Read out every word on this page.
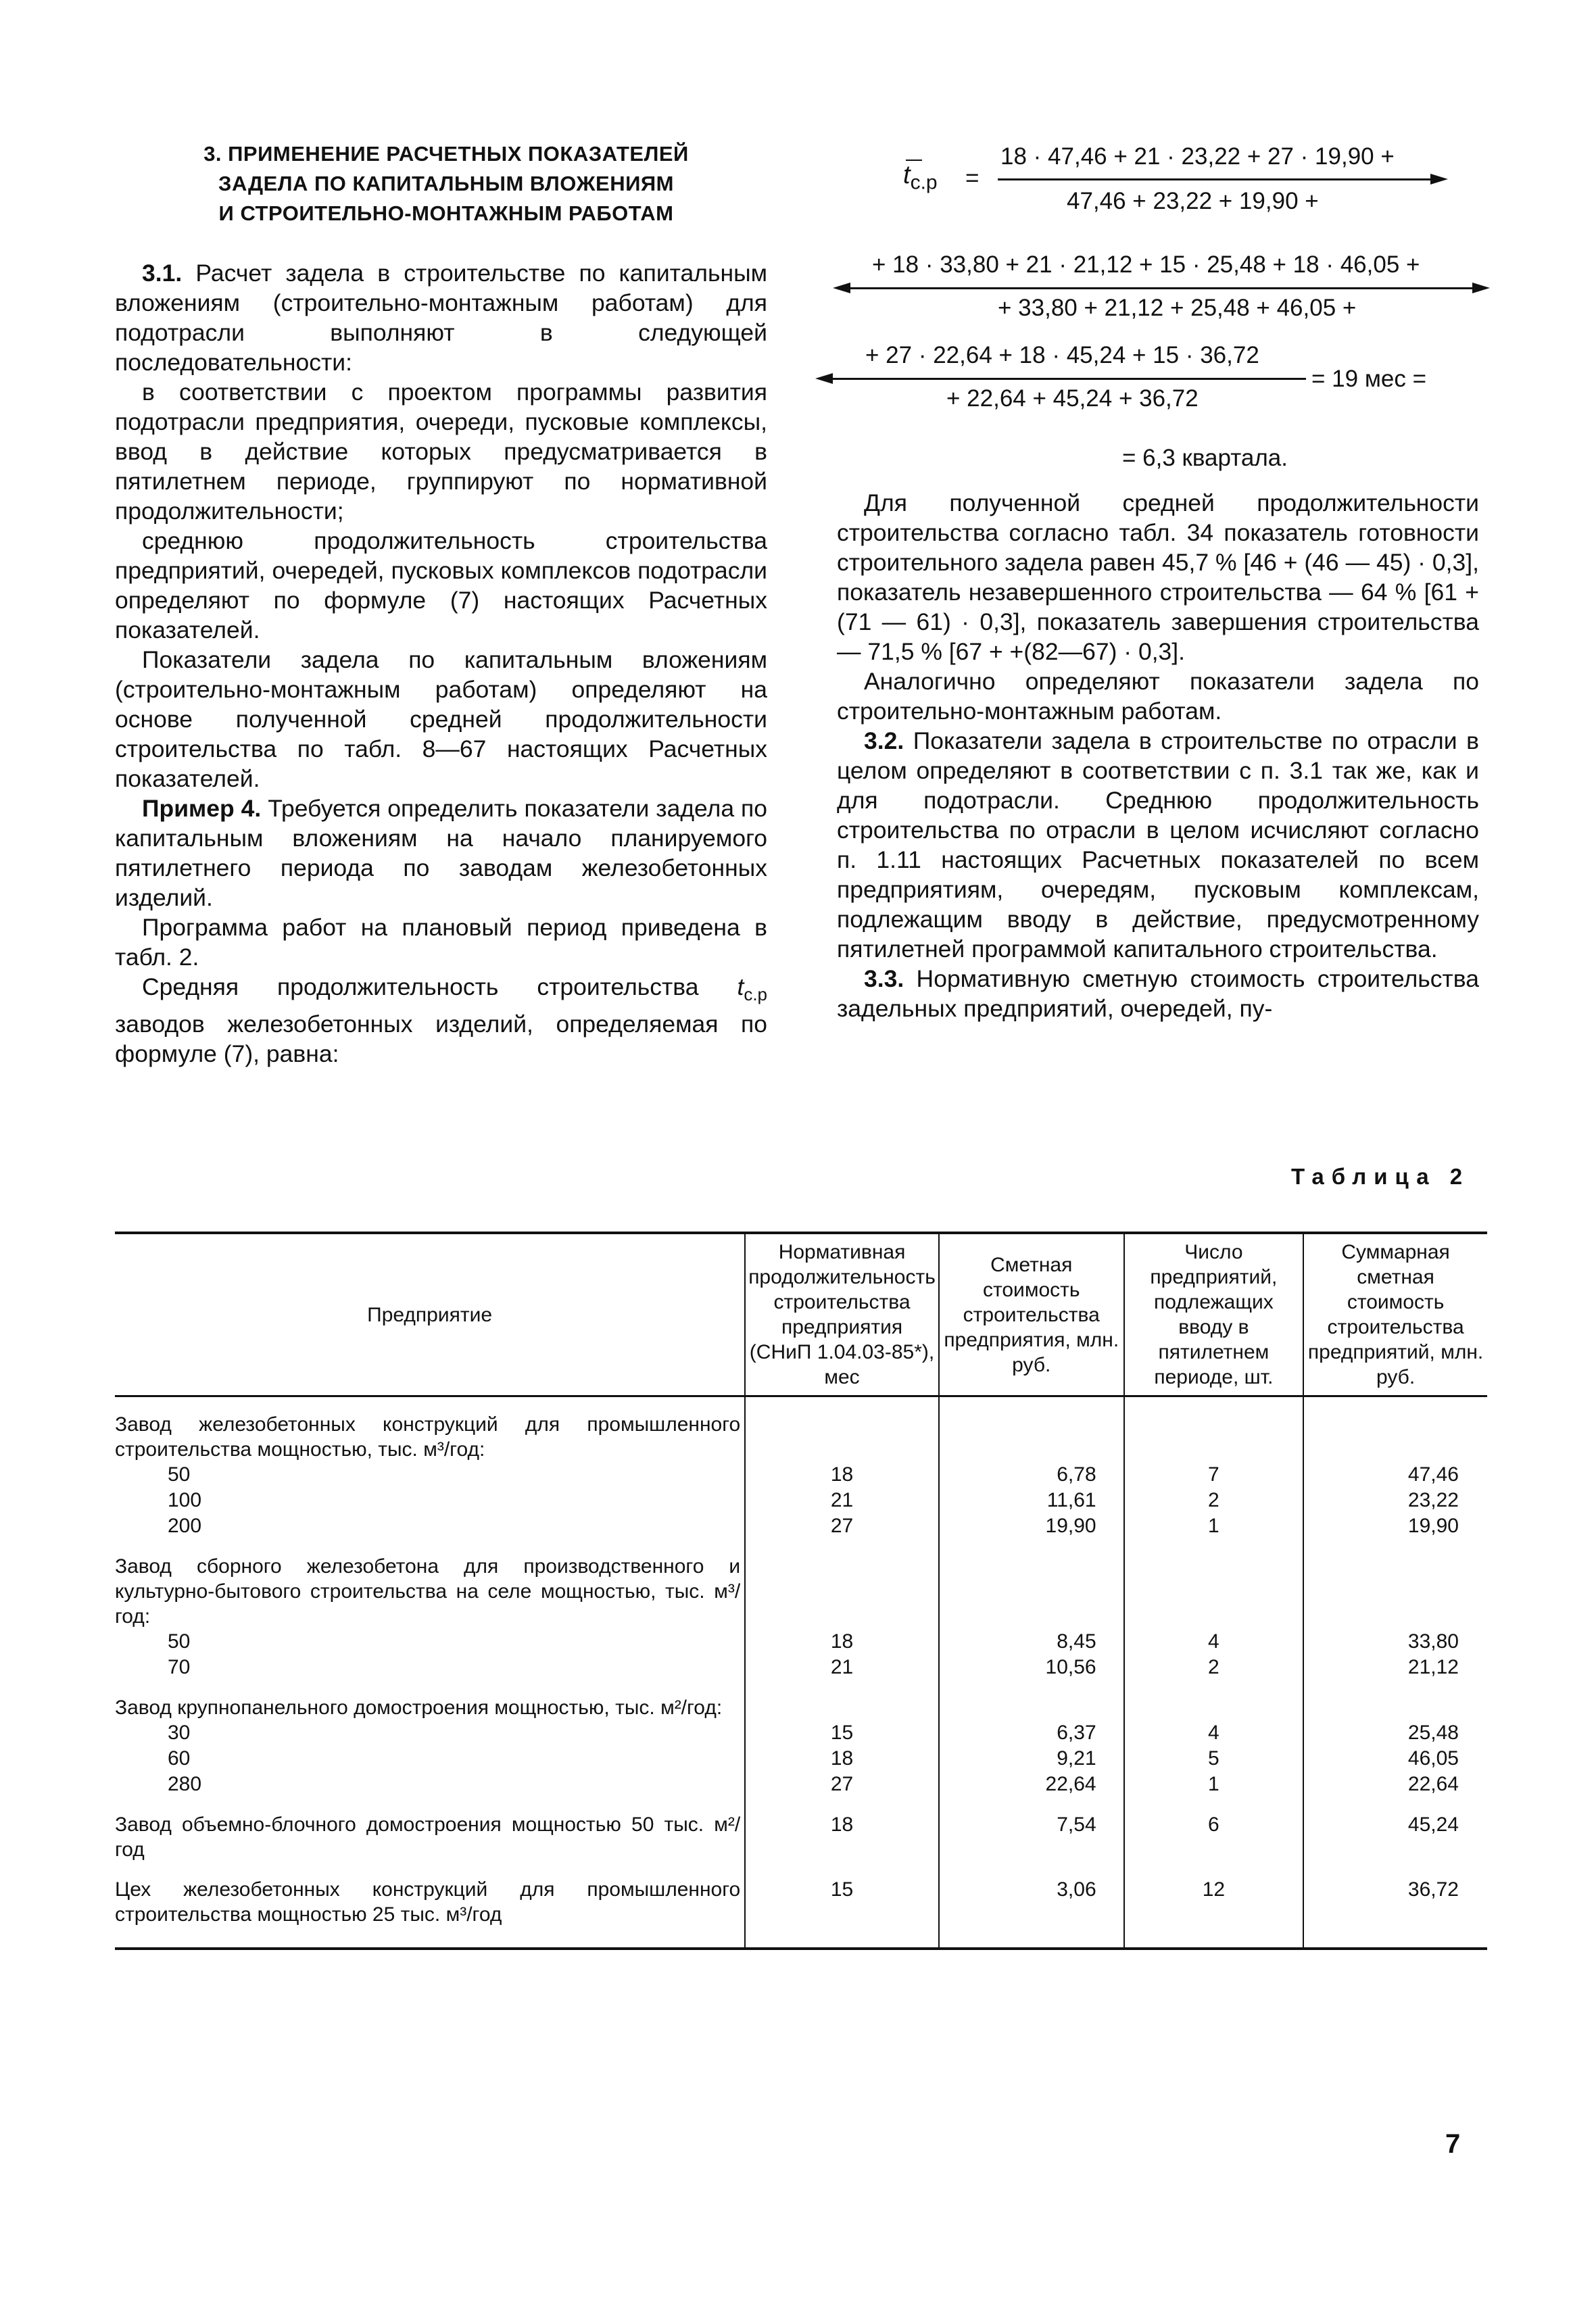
3. ПРИМЕНЕНИЕ РАСЧЕТНЫХ ПОКАЗАТЕЛЕЙ
ЗАДЕЛА ПО КАПИТАЛЬНЫМ ВЛОЖЕНИЯМ
И СТРОИТЕЛЬНО-МОНТАЖНЫМ РАБОТАМ

3.1. Расчет задела в строительстве по капитальным вложениям (строительно-монтажным работам) для подотрасли выполняют в следующей последовательности:

в соответствии с проектом программы развития подотрасли предприятия, очереди, пусковые комплексы, ввод в действие которых предусматривается в пятилетнем периоде, группируют по нормативной продолжительности;

среднюю продолжительность строительства предприятий, очередей, пусковых комплексов подотрасли определяют по формуле (7) настоящих Расчетных показателей.

Показатели задела по капитальным вложениям (строительно-монтажным работам) определяют на основе полученной средней продолжительности строительства по табл. 8—67 настоящих Расчетных показателей.

Пример 4. Требуется определить показатели задела по капитальным вложениям на начало планируемого пятилетнего периода по заводам железобетонных изделий.

Программа работ на плановый период приведена в табл. 2.

Средняя продолжительность строительства $t_{с.р}$ заводов железобетонных изделий, определяемая по формуле (7), равна:

$t_{с.р}$ =
18 · 47,46 + 21 · 23,22 + 27 · 19,90 +
47,46 + 23,22 + 19,90 +
+ 18 · 33,80 + 21 · 21,12 + 15 · 25,48 + 18 · 46,05 +
+ 33,80 + 21,12 + 25,48 + 46,05 +
+ 27 · 22,64 + 18 · 45,24 + 15 · 36,72
= 19 мес =
+ 22,64 + 45,24 + 36,72
= 6,3 квартала.

Для полученной средней продолжительности строительства согласно табл. 34 показатель готовности строительного задела равен 45,7 % [46 + (46 — 45) · 0,3], показатель незавершенного строительства — 64 % [61 + (71 — 61) · 0,3], показатель завершения строительства — 71,5 % [67 + +(82—67) · 0,3].

Аналогично определяют показатели задела по строительно-монтажным работам.

3.2. Показатели задела в строительстве по отрасли в целом определяют в соответствии с п. 3.1 так же, как и для подотрасли. Среднюю продолжительность строительства по отрасли в целом исчисляют согласно п. 1.11 настоящих Расчетных показателей по всем предприятиям, очередям, пусковым комплексам, подлежащим вводу в действие, предусмотренному пятилетней программой капитального строительства.

3.3. Нормативную сметную стоимость строительства задельных предприятий, очередей, пу-

Таблица 2
Предприятие	Нормативная продолжительность строительства предприятия (СНиП 1.04.03-85*), мес	Сметная стоимость строительства предприятия, млн. руб.	Число предприятий, подлежащих вводу в пятилетнем периоде, шт.	Суммарная сметная стоимость строительства предприятий, млн. руб.
Завод железобетонных конструкций для промышленного строительства мощностью, тыс. м³/год:				
50	18	6,78	7	47,46
100	21	11,61	2	23,22
200	27	19,90	1	19,90
Завод сборного железобетона для производственного и культурно-бытового строительства на селе мощностью, тыс. м³/год:				
50	18	8,45	4	33,80
70	21	10,56	2	21,12
Завод крупнопанельного домостроения мощностью, тыс. м²/год:				
30	15	6,37	4	25,48
60	18	9,21	5	46,05
280	27	22,64	1	22,64
Завод объемно-блочного домостроения мощностью 50 тыс. м²/год	18	7,54	6	45,24
Цех железобетонных конструкций для промышленного строительства мощностью 25 тыс. м³/год	15	3,06	12	36,72
7
